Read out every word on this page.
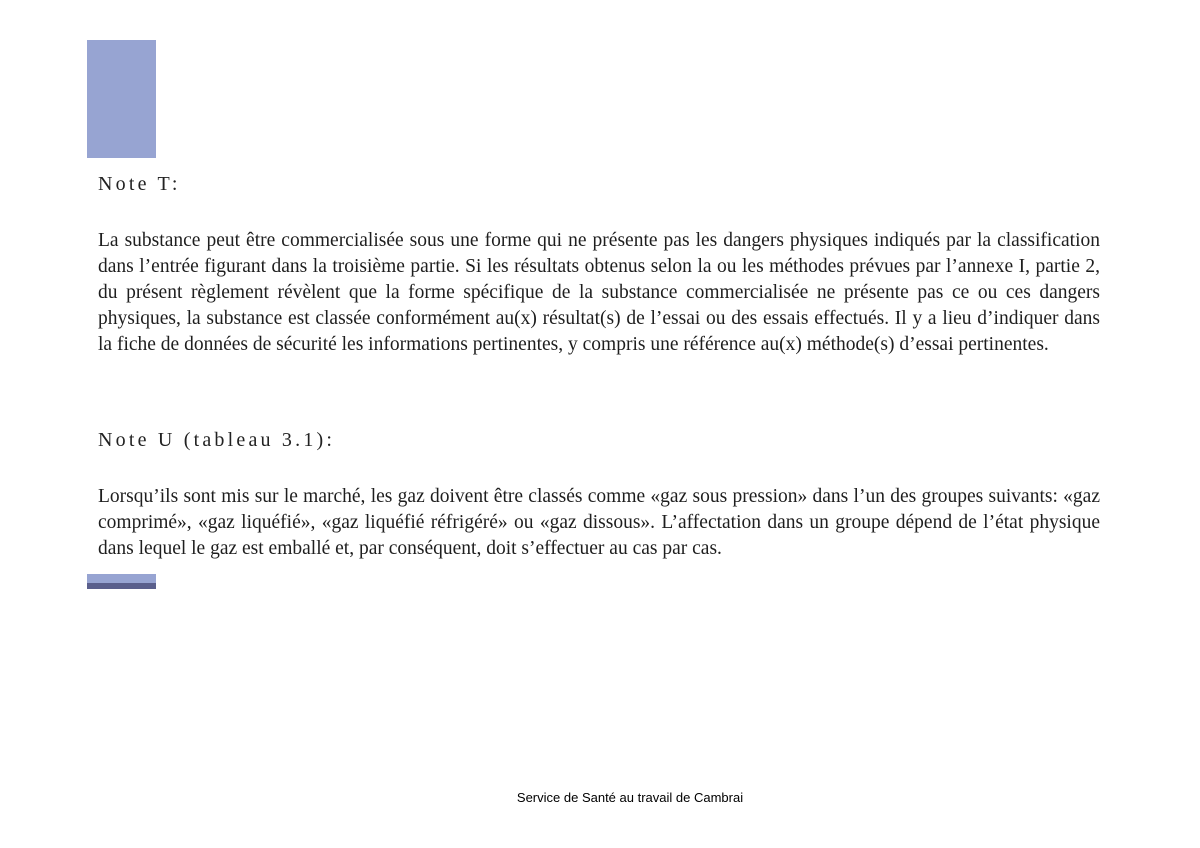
Note T:

La substance peut être commercialisée sous une forme qui ne présente pas les dangers physiques indiqués par la classification dans l’entrée figurant dans la troisième partie. Si les résultats obtenus selon la ou les méthodes prévues par l’annexe I, partie 2, du présent règlement révèlent que la forme spécifique de la substance commercialisée ne présente pas ce ou ces dangers physiques, la substance est classée conformément au(x) résultat(s) de l’essai ou des essais effectués. Il y a lieu d’indiquer dans la fiche de données de sécurité les informations pertinentes, y compris une référence au(x) méthode(s) d’essai pertinentes.

Note U (tableau 3.1):

Lorsqu’ils sont mis sur le marché, les gaz doivent être classés comme «gaz sous pression» dans l’un des groupes suivants: «gaz comprimé», «gaz liquéfié», «gaz liquéfié réfrigéré» ou «gaz dissous». L’affectation dans un groupe dépend de l’état physique dans lequel le gaz est emballé et, par conséquent, doit s’effectuer au cas par cas.

Service de Santé au travail de Cambrai
